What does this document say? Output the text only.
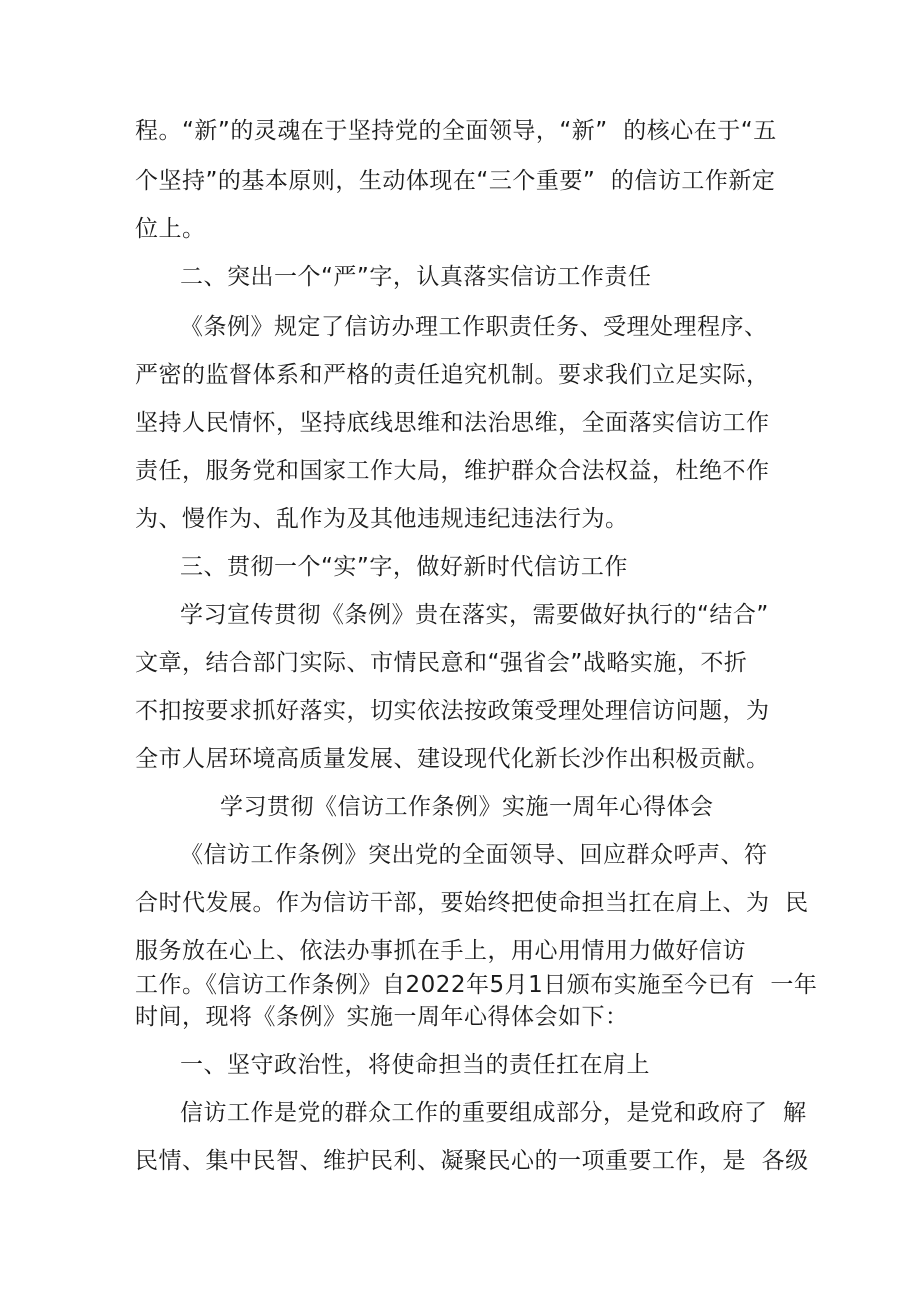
程。“新”的灵魂在于坚持党的全面领导，“新”  的核心在于“五
个坚持”的基本原则，生动体现在“三个重要”  的信访工作新定
位上。
二、突出一个“严”字，认真落实信访工作责任
《条例》规定了信访办理工作职责任务、受理处理程序、
严密的监督体系和严格的责任追究机制。要求我们立足实际，
坚持人民情怀，坚持底线思维和法治思维，全面落实信访工作
责任，服务党和国家工作大局，维护群众合法权益，杜绝不作
为、慢作为、乱作为及其他违规违纪违法行为。
三、贯彻一个“实”字，做好新时代信访工作
学习宣传贯彻《条例》贵在落实，需要做好执行的“结合”
文章，结合部门实际、市情民意和“强省会”战略实施，不折
不扣按要求抓好落实，切实依法按政策受理处理信访问题，为
全市人居环境高质量发展、建设现代化新长沙作出积极贡献。
学习贯彻《信访工作条例》实施一周年心得体会
《信访工作条例》突出党的全面领导、回应群众呼声、符
合时代发展。作为信访干部，要始终把使命担当扛在肩上、为  民
服务放在心上、依法办事抓在手上，用心用情用力做好信访
工作。《信访工作条例》自2022年5月1日颁布实施至今已有  一年
时间，现将《条例》实施一周年心得体会如下：
一、坚守政治性，将使命担当的责任扛在肩上
信访工作是党的群众工作的重要组成部分，是党和政府了  解
民情、集中民智、维护民利、凝聚民心的一项重要工作，是  各级
